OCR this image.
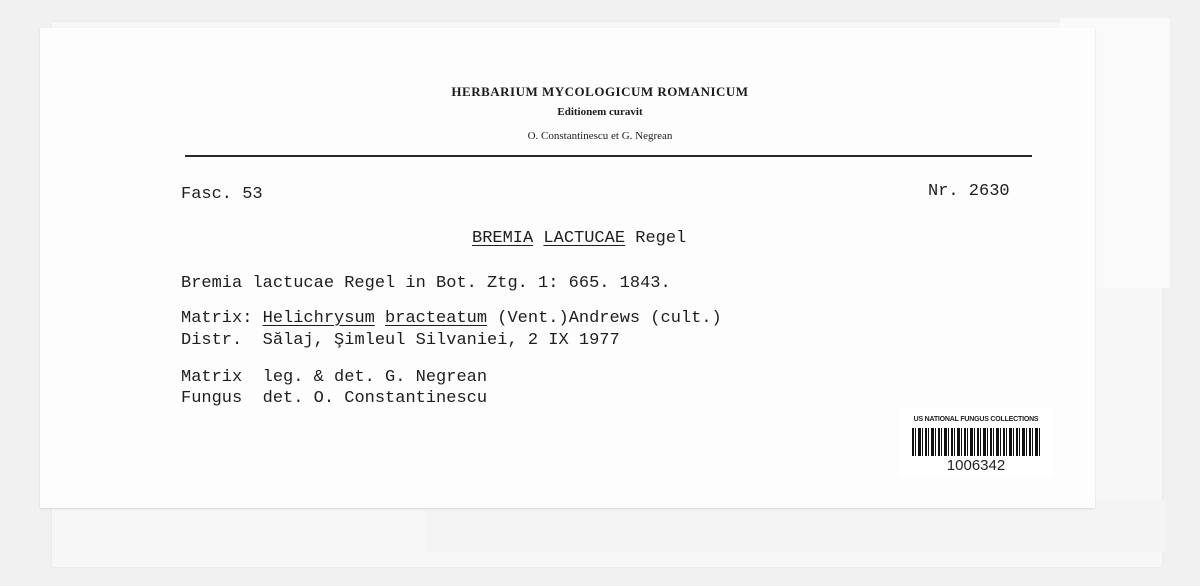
HERBARIUM MYCOLOGICUM ROMANICUM
Editionem curavit
O. Constantinescu et G. Negrean
Fasc. 53	Nr. 2630
BREMIA LACTUCAE Regel
Bremia lactucae Regel in Bot. Ztg. 1: 665. 1843.
Matrix: Helichrysum bracteatum (Vent.)Andrews (cult.)
Distr. Sălaj, Şimleul Silvaniei, 2 IX 1977
Matrix leg. & det. G. Negrean
Fungus det. O. Constantinescu
US NATIONAL FUNGUS COLLECTIONS
1006342
